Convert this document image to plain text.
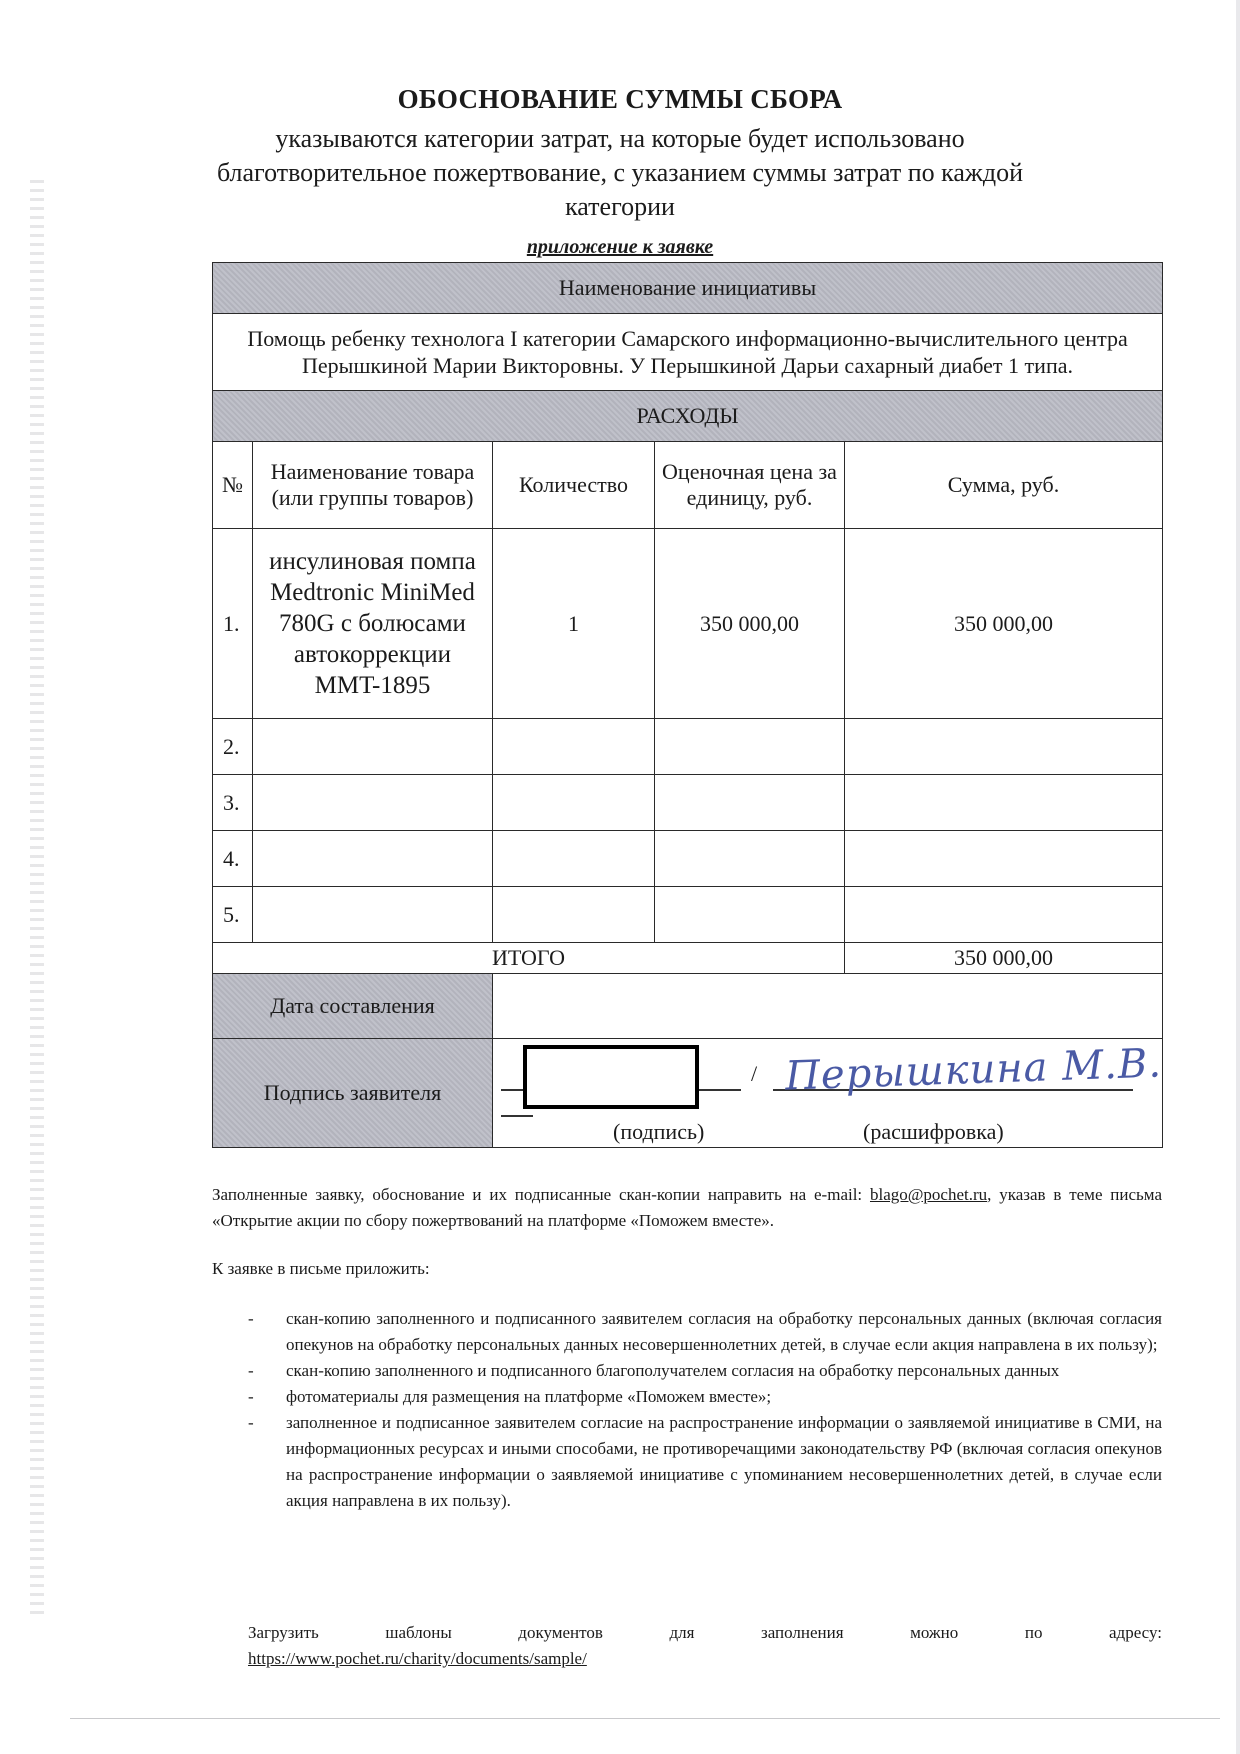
ОБОСНОВАНИЕ СУММЫ СБОРА
указываются категории затрат, на которые будет использовано благотворительное пожертвование, с указанием суммы затрат по каждой категории
приложение к заявке
Наименование инициативы				
Помощь ребенку технолога I категории Самарского информационно-вычислительного центра Перышкиной Марии Викторовны. У Перышкиной Дарьи сахарный диабет 1 типа.				
РАСХОДЫ				
№	Наименование товара (или группы товаров)	Количество	Оценочная цена за единицу, руб.	Сумма, руб.
1.	инсулиновая помпа Medtronic MiniMed 780G с болюсами автокоррекции MMT-1895	1	350 000,00	350 000,00
2.				
3.				
4.				
5.				
ИТОГО				350 000,00
Дата составления				
Подпись заявителя		/ Перышкина М.В.
(подпись) (расшифровка)		
Заполненные заявку, обоснование и их подписанные скан-копии направить на e-mail: blago@pochet.ru, указав в теме письма «Открытие акции по сбору пожертвований на платформе «Поможем вместе».
К заявке в письме приложить:
- скан-копию заполненного и подписанного заявителем согласия на обработку персональных данных (включая согласия опекунов на обработку персональных данных несовершеннолетних детей, в случае если акция направлена в их пользу);
- скан-копию заполненного и подписанного благополучателем согласия на обработку персональных данных
- фотоматериалы для размещения на платформе «Поможем вместе»;
- заполненное и подписанное заявителем согласие на распространение информации о заявляемой инициативе в СМИ, на информационных ресурсах и иными способами, не противоречащими законодательству РФ (включая согласия опекунов на распространение информации о заявляемой инициативе с упоминанием несовершеннолетних детей, в случае если акция направлена в их пользу).
Загрузить шаблоны документов для заполнения можно по адресу:
https://www.pochet.ru/charity/documents/sample/
